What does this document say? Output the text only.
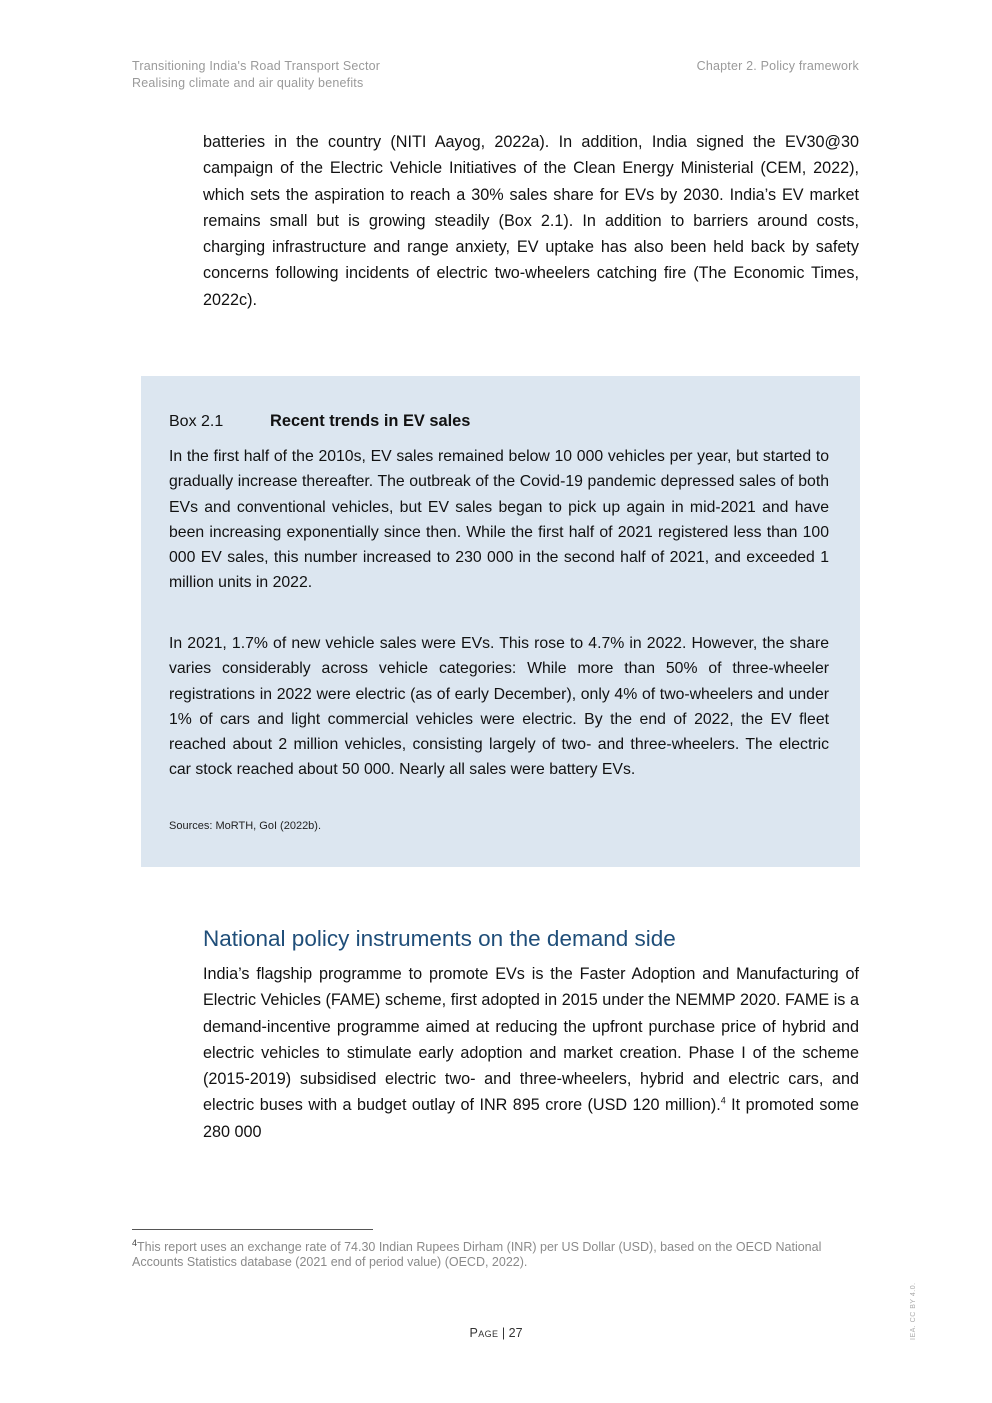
Transitioning India's Road Transport Sector
Realising climate and air quality benefits
Chapter 2. Policy framework

batteries in the country (NITI Aayog, 2022a). In addition, India signed the EV30@30 campaign of the Electric Vehicle Initiatives of the Clean Energy Ministerial (CEM, 2022), which sets the aspiration to reach a 30% sales share for EVs by 2030. India’s EV market remains small but is growing steadily (Box 2.1). In addition to barriers around costs, charging infrastructure and range anxiety, EV uptake has also been held back by safety concerns following incidents of electric two-wheelers catching fire (The Economic Times, 2022c).

Box 2.1	Recent trends in EV sales

In the first half of the 2010s, EV sales remained below 10 000 vehicles per year, but started to gradually increase thereafter. The outbreak of the Covid-19 pandemic depressed sales of both EVs and conventional vehicles, but EV sales began to pick up again in mid-2021 and have been increasing exponentially since then. While the first half of 2021 registered less than 100 000 EV sales, this number increased to 230 000 in the second half of 2021, and exceeded 1 million units in 2022.

In 2021, 1.7% of new vehicle sales were EVs. This rose to 4.7% in 2022. However, the share varies considerably across vehicle categories: While more than 50% of three-wheeler registrations in 2022 were electric (as of early December), only 4% of two-wheelers and under 1% of cars and light commercial vehicles were electric. By the end of 2022, the EV fleet reached about 2 million vehicles, consisting largely of two- and three-wheelers. The electric car stock reached about 50 000. Nearly all sales were battery EVs.

Sources: MoRTH, GoI (2022b).
National policy instruments on the demand side

India’s flagship programme to promote EVs is the Faster Adoption and Manufacturing of Electric Vehicles (FAME) scheme, first adopted in 2015 under the NEMMP 2020. FAME is a demand-incentive programme aimed at reducing the upfront purchase price of hybrid and electric vehicles to stimulate early adoption and market creation. Phase I of the scheme (2015-2019) subsidised electric two- and three-wheelers, hybrid and electric cars, and electric buses with a budget outlay of INR 895 crore (USD 120 million).$^4$ It promoted some 280 000

$^4$This report uses an exchange rate of 74.30 Indian Rupees Dirham (INR) per US Dollar (USD), based on the OECD National Accounts Statistics database (2021 end of period value) (OECD, 2022).
Page | 27	IEA. CC BY 4.0.
